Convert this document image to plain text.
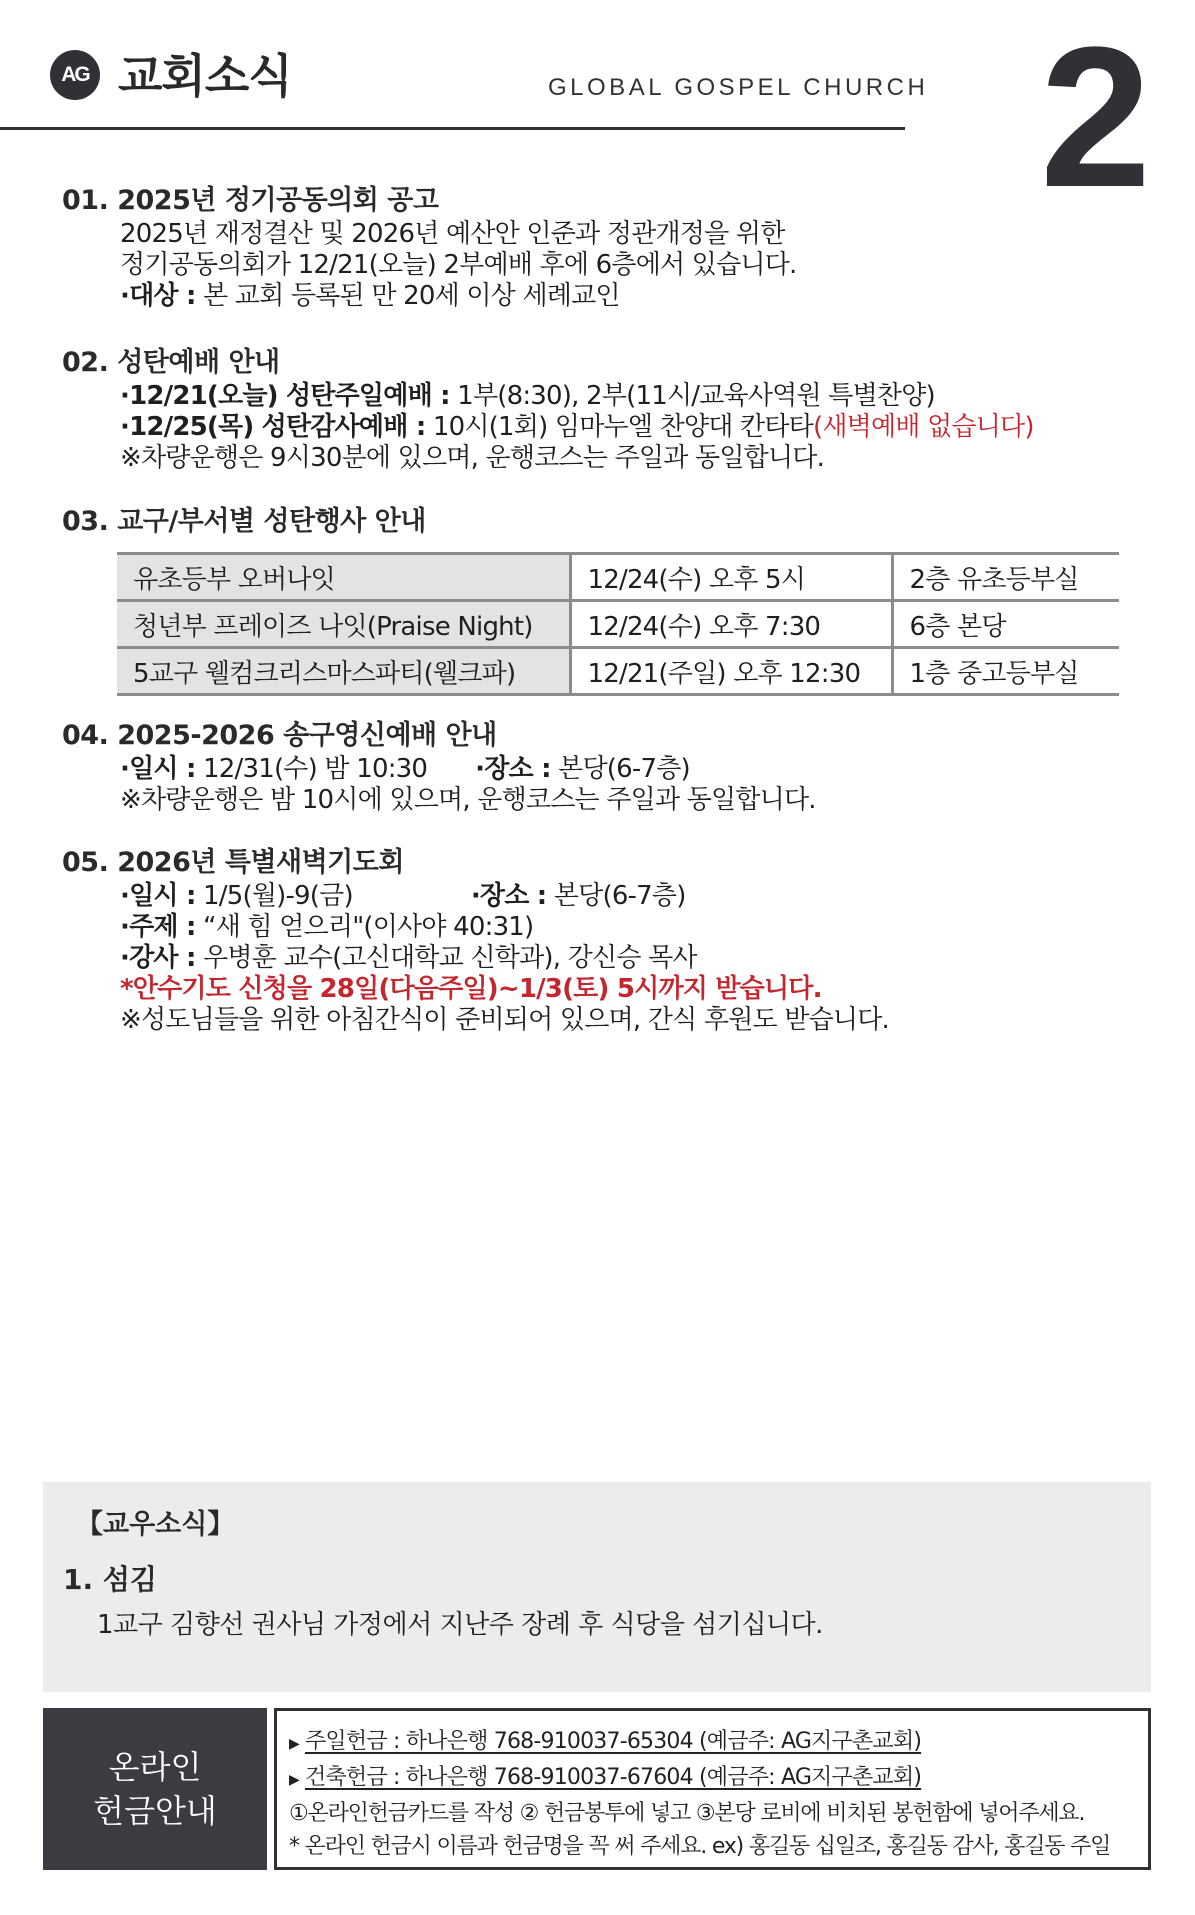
AG 교회소식	GLOBAL GOSPEL CHURCH 2
01. 2025년 정기공동의회 공고
2025년 재정결산 및 2026년 예산안 인준과 정관개정을 위한
정기공동의회가 12/21(오늘) 2부예배 후에 6층에서 있습니다.
·대상 : 본 교회 등록된 만 20세 이상 세례교인
02. 성탄예배 안내
·12/21(오늘) 성탄주일예배 : 1부(8:30), 2부(11시/교육사역원 특별찬양)
·12/25(목) 성탄감사예배 : 10시(1회) 임마누엘 찬양대 칸타타(새벽예배 없습니다)
※차량운행은 9시30분에 있으며, 운행코스는 주일과 동일합니다.
03. 교구/부서별 성탄행사 안내
유초등부 오버나잇	12/24(수) 오후 5시	2층 유초등부실
청년부 프레이즈 나잇(Praise Night)	12/24(수) 오후 7:30	6층 본당
5교구 웰컴크리스마스파티(웰크파)	12/21(주일) 오후 12:30	1층 중고등부실
04. 2025-2026 송구영신예배 안내
·일시 : 12/31(수) 밤 10:30 ·장소 : 본당(6-7층)
※차량운행은 밤 10시에 있으며, 운행코스는 주일과 동일합니다.
05. 2026년 특별새벽기도회
·일시 : 1/5(월)-9(금)	·장소 : 본당(6-7층)
·주제 : “새 힘 얻으리"(이사야 40:31)
·강사 : 우병훈 교수(고신대학교 신학과), 강신승 목사
*안수기도 신청을 28일(다음주일)~1/3(토) 5시까지 받습니다.
※성도님들을 위한 아침간식이 준비되어 있으며, 간식 후원도 받습니다.
【교우소식】
1. 섬김
1교구 김향선 권사님 가정에서 지난주 장례 후 식당을 섬기십니다.
온라인
헌금안내
▶ 주일헌금 : 하나은행 768-910037-65304 (예금주: AG지구촌교회)
▶ 건축헌금 : 하나은행 768-910037-67604 (예금주: AG지구촌교회)
①온라인헌금카드를 작성 ② 헌금봉투에 넣고 ③본당 로비에 비치된 봉헌함에 넣어주세요.
* 온라인 헌금시 이름과 헌금명을 꼭 써 주세요. ex) 홍길동 십일조, 홍길동 감사, 홍길동 주일
